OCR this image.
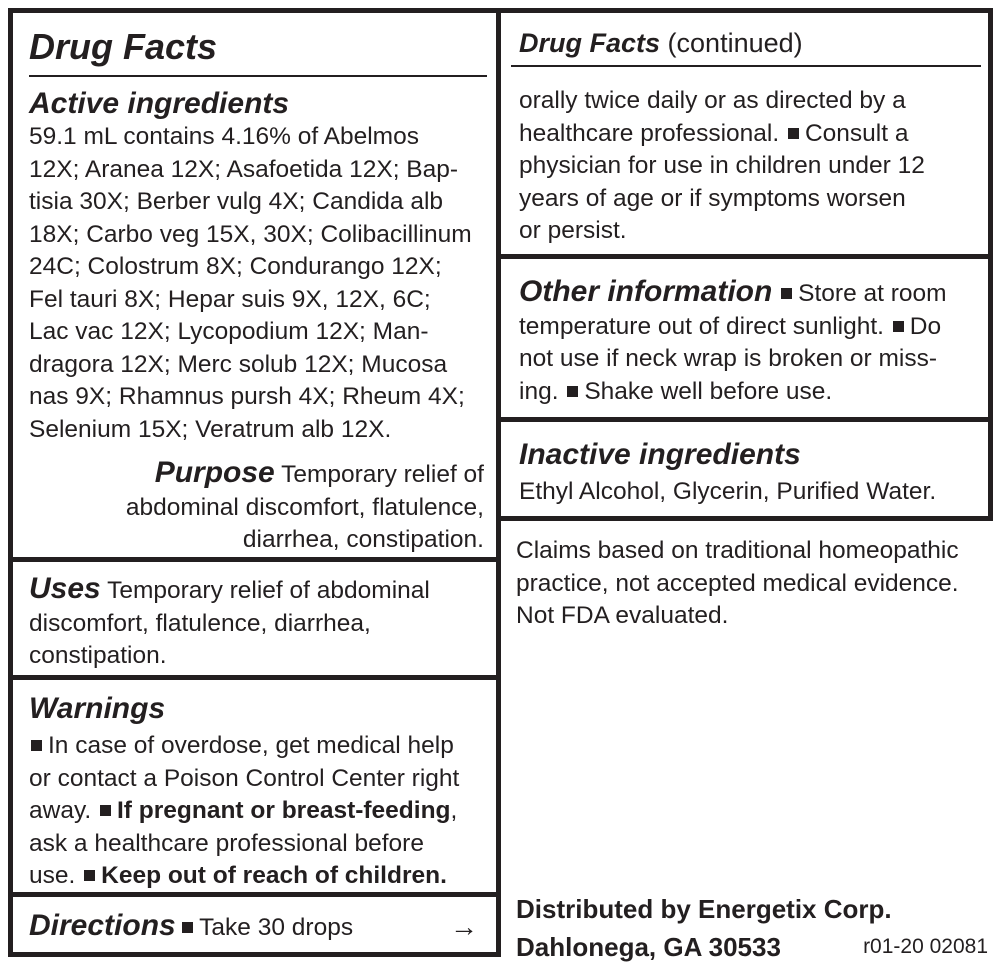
Drug Facts
Active ingredients
59.1 mL contains 4.16% of Abelmos
12X; Aranea 12X; Asafoetida 12X; Bap-
tisia 30X; Berber vulg 4X; Candida alb
18X; Carbo veg 15X, 30X; Colibacillinum
24C; Colostrum 8X; Condurango 12X;
Fel tauri 8X; Hepar suis 9X, 12X, 6C;
Lac vac 12X; Lycopodium 12X; Man-
dragora 12X; Merc solub 12X; Mucosa
nas 9X; Rhamnus pursh 4X; Rheum 4X;
Selenium 15X; Veratrum alb 12X.
Purpose Temporary relief of
abdominal discomfort, flatulence,
diarrhea, constipation.
Uses Temporary relief of abdominal
discomfort, flatulence, diarrhea,
constipation.
Warnings
In case of overdose, get medical help
or contact a Poison Control Center right
away. If pregnant or breast-feeding,
ask a healthcare professional before
use. Keep out of reach of children.
Directions Take 30 drops	→
Drug Facts (continued)
orally twice daily or as directed by a
healthcare professional. Consult a
physician for use in children under 12
years of age or if symptoms worsen
or persist.
Other information Store at room
temperature out of direct sunlight. Do
not use if neck wrap is broken or miss-
ing. Shake well before use.
Inactive ingredients
Ethyl Alcohol, Glycerin, Purified Water.
Claims based on traditional homeopathic
practice, not accepted medical evidence.
Not FDA evaluated.
Distributed by Energetix Corp.
Dahlonega, GA 30533	r01-20 02081
